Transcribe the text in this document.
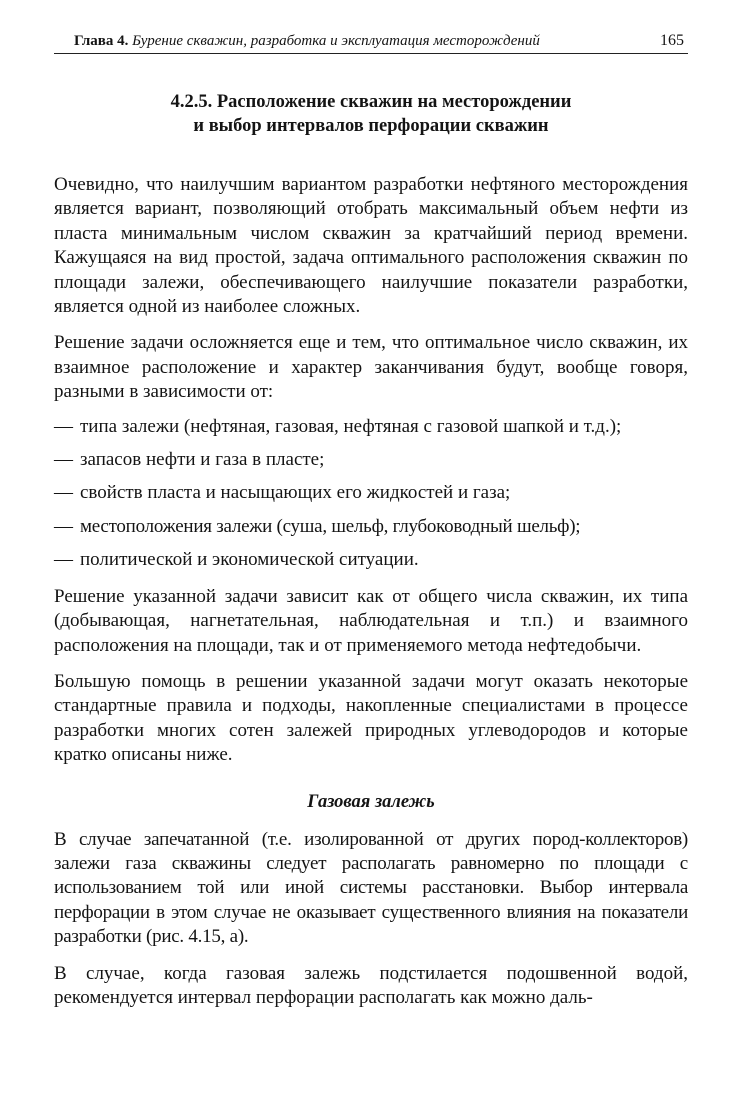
Глава 4. Бурение скважин, разработка и эксплуатация месторождений	165
4.2.5. Расположение скважин на месторождении
и выбор интервалов перфорации скважин

Очевидно, что наилучшим вариантом разработки нефтяного месторождения является вариант, позволяющий отобрать максимальный объем нефти из пласта минимальным числом скважин за кратчайший период времени. Кажущаяся на вид простой, задача оптимального расположения скважин по площади залежи, обеспечивающего наилучшие показатели разработки, является одной из наиболее сложных.

Решение задачи осложняется еще и тем, что оптимальное число скважин, их взаимное расположение и характер заканчивания будут, вообще говоря, разными в зависимости от:

— типа залежи (нефтяная, газовая, нефтяная с газовой шапкой и т.д.);
— запасов нефти и газа в пласте;
— свойств пласта и насыщающих его жидкостей и газа;
— местоположения залежи (суша, шельф, глубоководный шельф);
— политической и экономической ситуации.

Решение указанной задачи зависит как от общего числа скважин, их типа (добывающая, нагнетательная, наблюдательная и т.п.) и взаимного расположения на площади, так и от применяемого метода нефтедобычи.

Большую помощь в решении указанной задачи могут оказать некоторые стандартные правила и подходы, накопленные специалистами в процессе разработки многих сотен залежей природных углеводородов и которые кратко описаны ниже.

Газовая залежь

В случае запечатанной (т.е. изолированной от других пород-коллекторов) залежи газа скважины следует располагать равномерно по площади с использованием той или иной системы расстановки. Выбор интервала перфорации в этом случае не оказывает существенного влияния на показатели разработки (рис. 4.15, а).

В случае, когда газовая залежь подстилается подошвенной водой, рекомендуется интервал перфорации располагать как можно даль-
